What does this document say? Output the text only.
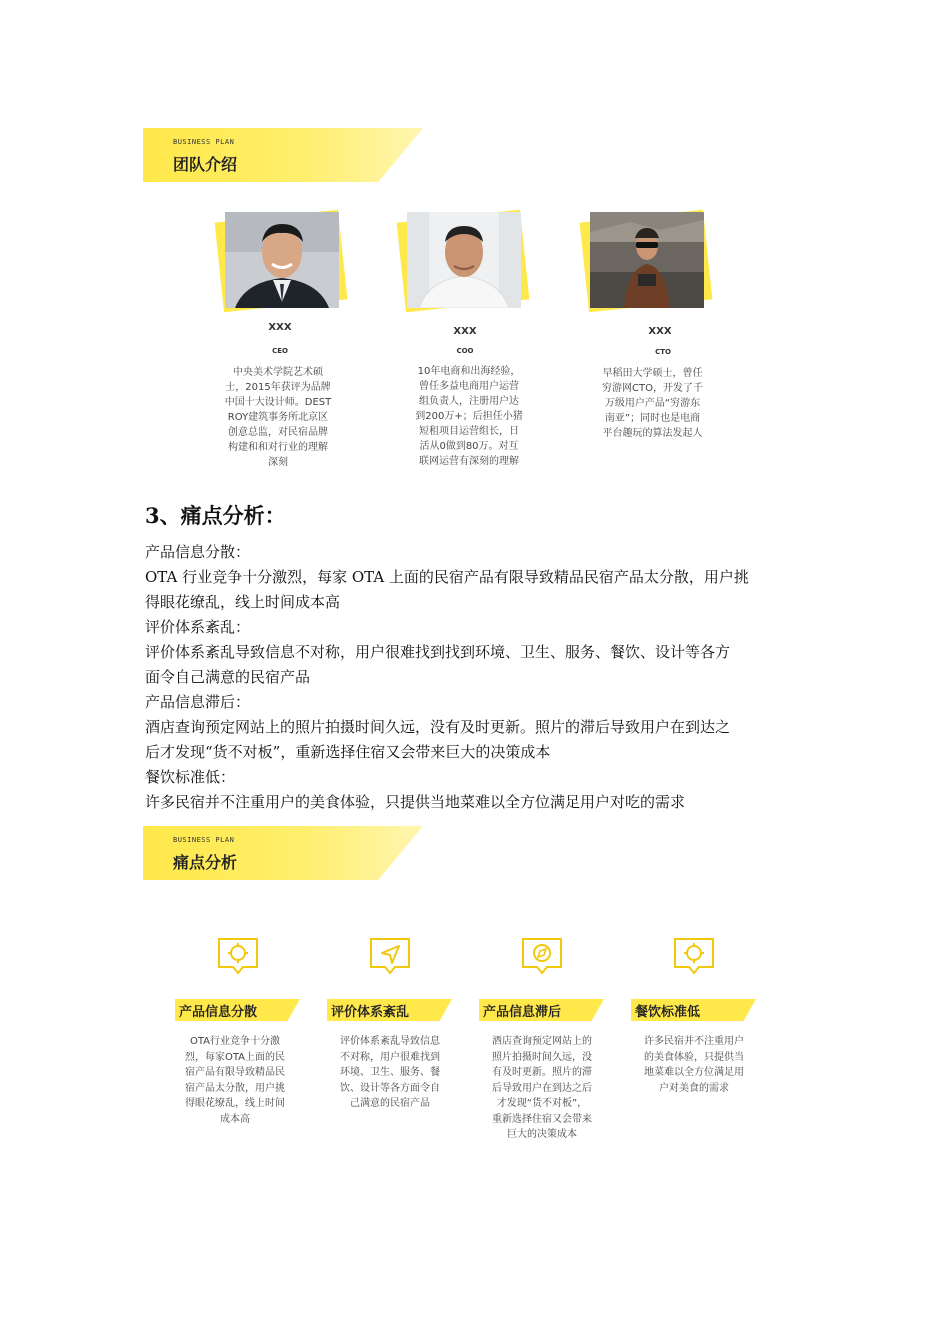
BUSINESS PLAN
团队介绍
XXX
CEO
中央美术学院艺术硕
士，2015年获评为品牌
中国十大设计师。DEST
ROY建筑事务所北京区
创意总监，对民宿品牌
构建和和对行业的理解
深刻
XXX
COO
10年电商和出海经验，
曾任多益电商用户运营
组负责人，注册用户达
到200万+；后担任小猪
短租项目运营组长，日
活从0做到80万。对互
联网运营有深刻的理解
XXX
CTO
早稻田大学硕士，曾任
穷游网CTO，开发了千
万级用户产品“穷游东
南亚”；同时也是电商
平台趣玩的算法发起人
3、痛点分析：
产品信息分散：
OTA 行业竞争十分激烈，每家 OTA 上面的民宿产品有限导致精品民宿产品太分散，用户挑
得眼花缭乱，线上时间成本高
评价体系紊乱：
评价体系紊乱导致信息不对称，用户很难找到找到环境、卫生、服务、餐饮、设计等各方
面令自己满意的民宿产品
产品信息滞后：
酒店查询预定网站上的照片拍摄时间久远，没有及时更新。照片的滞后导致用户在到达之
后才发现“货不对板”，重新选择住宿又会带来巨大的决策成本
餐饮标准低：
许多民宿并不注重用户的美食体验，只提供当地菜难以全方位满足用户对吃的需求
BUSINESS PLAN
痛点分析
产品信息分散
OTA行业竞争十分激
烈，每家OTA上面的民
宿产品有限导致精品民
宿产品太分散，用户挑
得眼花缭乱，线上时间
成本高
评价体系紊乱
评价体系紊乱导致信息
不对称，用户很难找到
环境、卫生、服务、餐
饮、设计等各方面令自
己满意的民宿产品
产品信息滞后
酒店查询预定网站上的
照片拍摄时间久远，没
有及时更新。照片的滞
后导致用户在到达之后
才发现“货不对板”，
重新选择住宿又会带来
巨大的决策成本
餐饮标准低
许多民宿并不注重用户
的美食体验，只提供当
地菜难以全方位满足用
户对美食的需求
